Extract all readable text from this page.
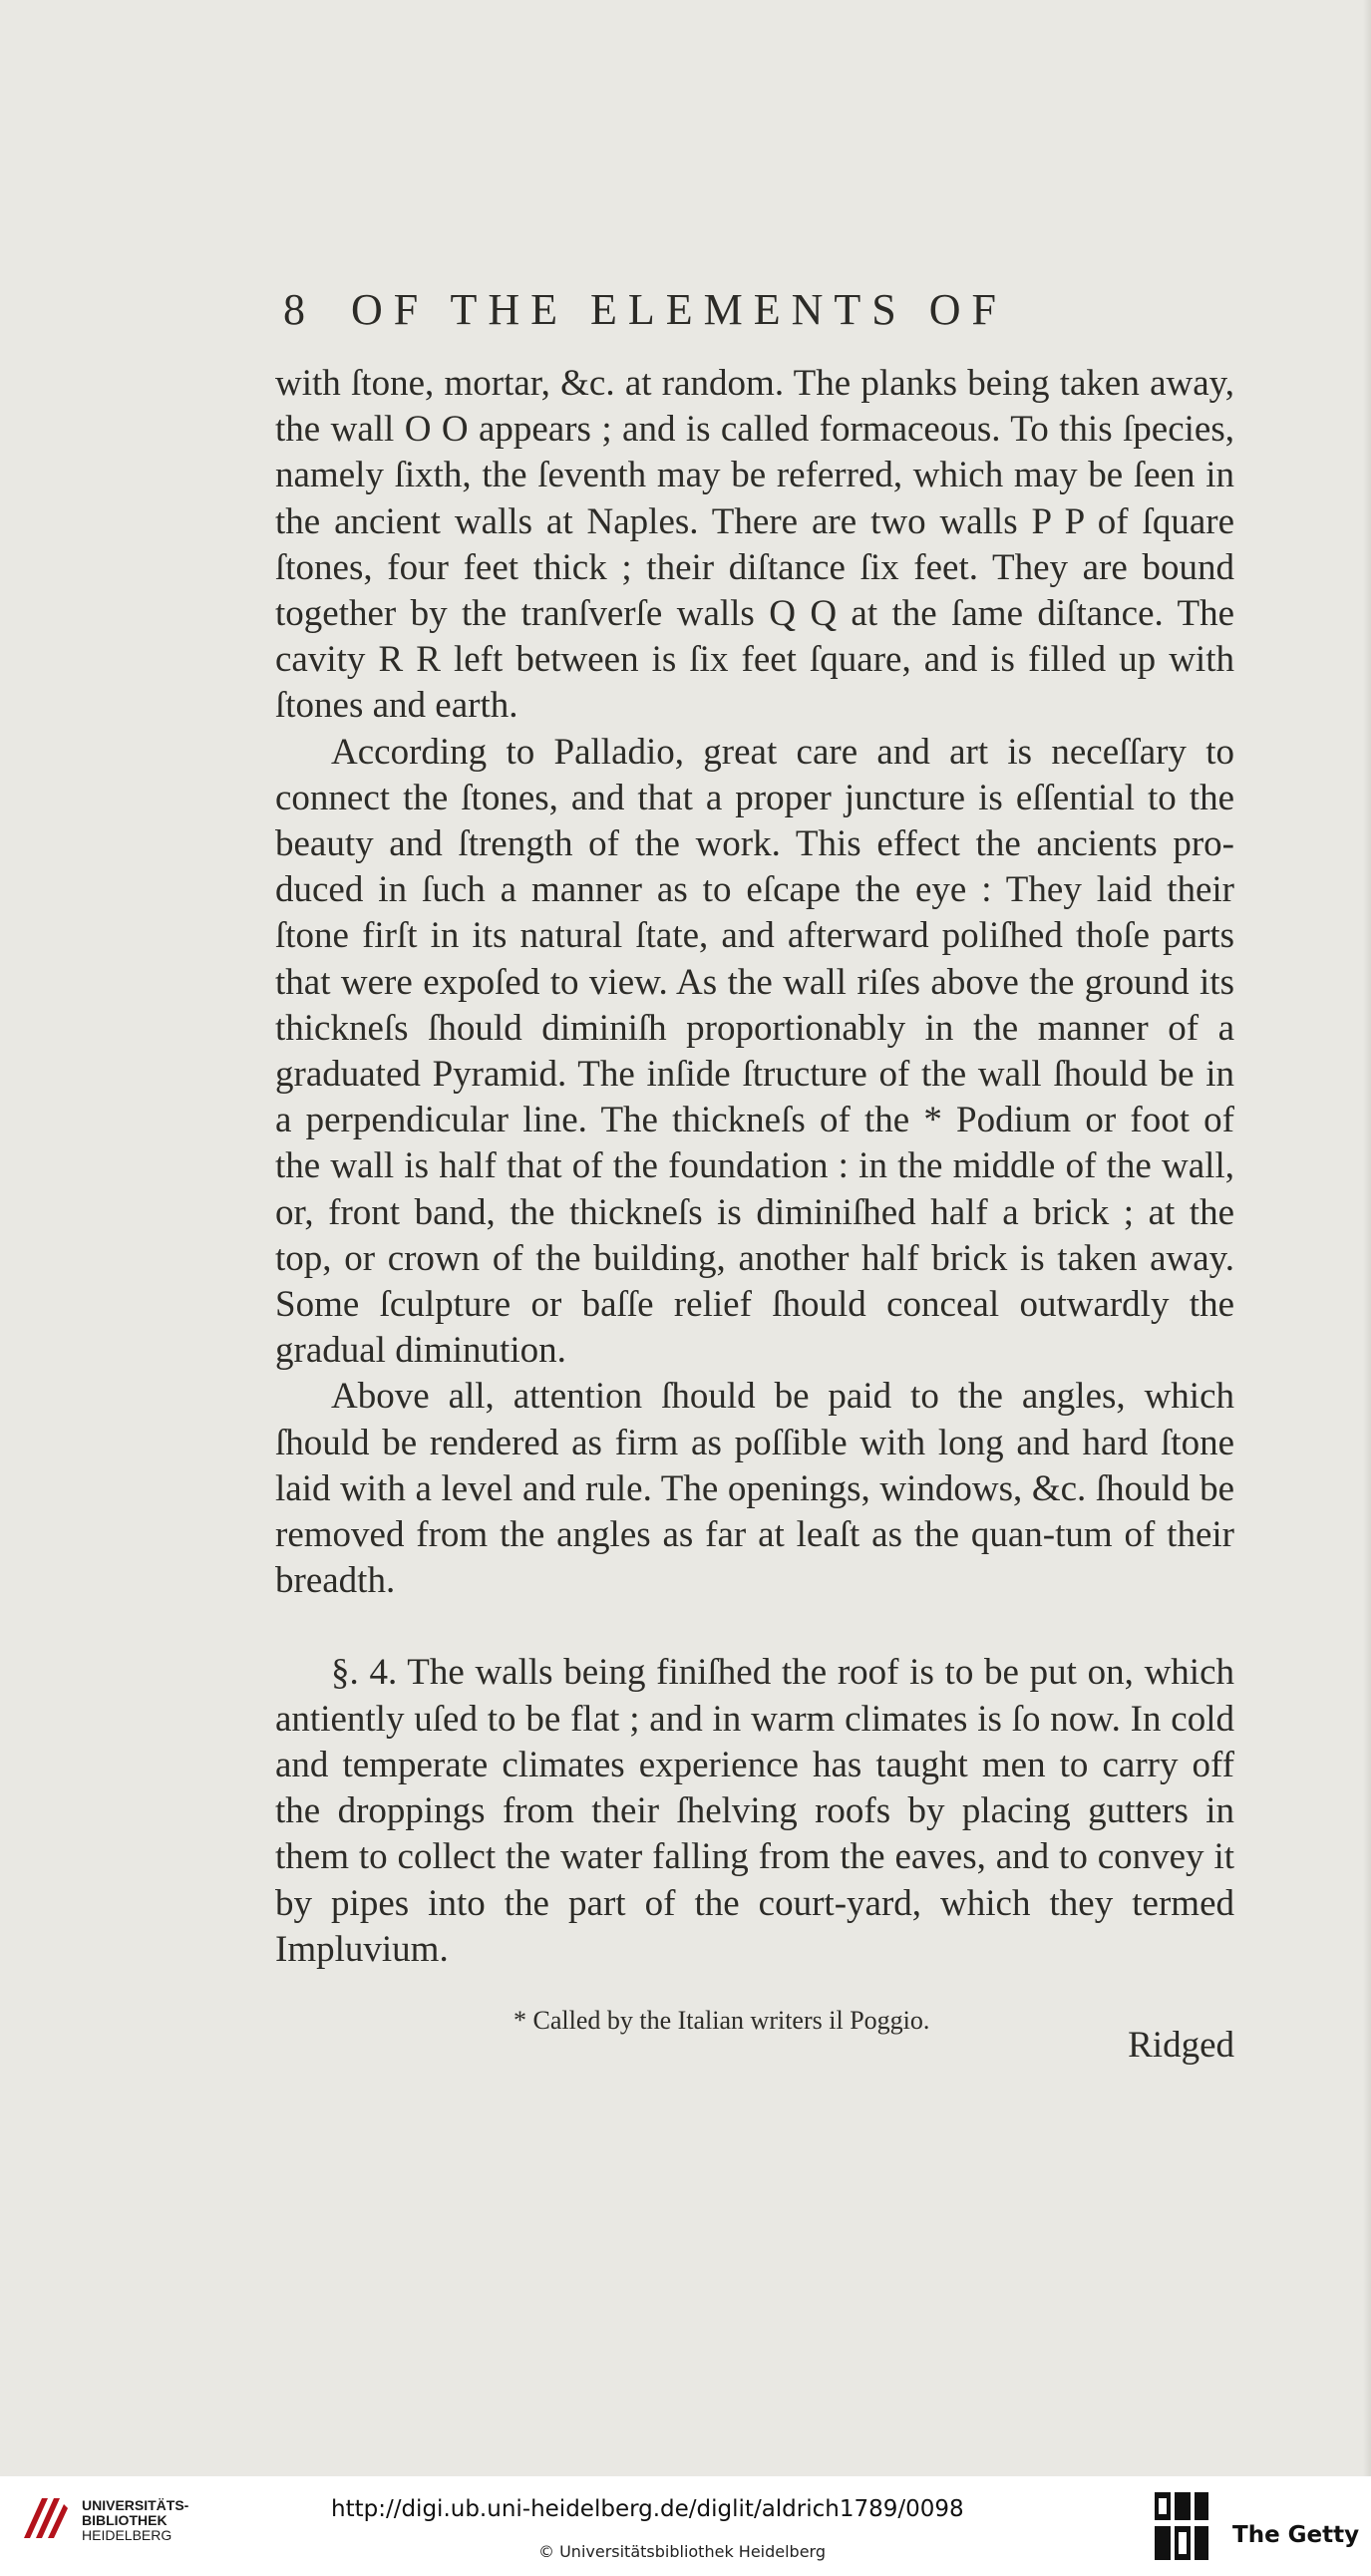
8 OF THE ELEMENTS OF

with ſtone, mortar, &c. at random. The planks being taken away, the wall O O appears ; and is called formaceous. To this ſpecies, namely ſixth, the ſeventh may be referred, which may be ſeen in the ancient walls at Naples. There are two walls P P of ſquare ſtones, four feet thick ; their diſtance ſix feet. They are bound together by the tranſverſe walls Q Q at the ſame diſtance. The cavity R R left between is ſix feet ſquare, and is filled up with ſtones and earth.

According to Palladio, great care and art is neceſſary to connect the ſtones, and that a proper juncture is eſſential to the beauty and ſtrength of the work. This effect the ancients pro-duced in ſuch a manner as to eſcape the eye : They laid their ſtone firſt in its natural ſtate, and afterward poliſhed thoſe parts that were expoſed to view. As the wall riſes above the ground its thickneſs ſhould diminiſh proportionably in the manner of a graduated Pyramid. The inſide ſtructure of the wall ſhould be in a perpendicular line. The thickneſs of the * Podium or foot of the wall is half that of the foundation : in the middle of the wall, or, front band, the thickneſs is diminiſhed half a brick ; at the top, or crown of the building, another half brick is taken away. Some ſculpture or baſſe relief ſhould conceal outwardly the gradual diminution.

Above all, attention ſhould be paid to the angles, which ſhould be rendered as firm as poſſible with long and hard ſtone laid with a level and rule. The openings, windows, &c. ſhould be removed from the angles as far at leaſt as the quan-tum of their breadth.

§. 4. The walls being finiſhed the roof is to be put on, which antiently uſed to be flat ; and in warm climates is ſo now. In cold and temperate climates experience has taught men to carry off the droppings from their ſhelving roofs by placing gutters in them to collect the water falling from the eaves, and to convey it by pipes into the part of the court-yard, which they termed Impluvium.

* Called by the Italian writers il Poggio.
Ridged
UNIVERSITÄTS-
BIBLIOTHEK
HEIDELBERG
http://digi.ub.uni-heidelberg.de/diglit/aldrich1789/0098
© Universitätsbibliothek Heidelberg
The Getty
